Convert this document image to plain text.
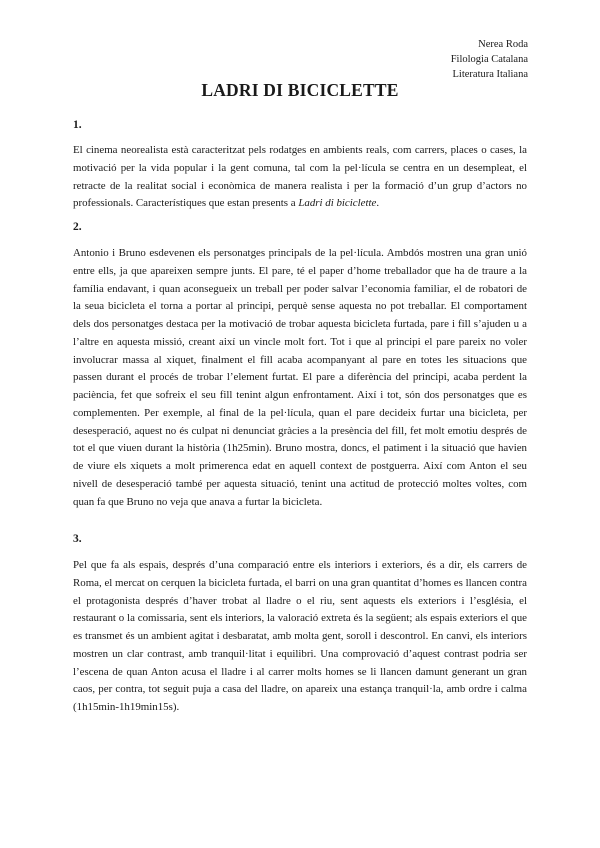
Nerea Roda
Filologia Catalana
Literatura Italiana
LADRI DI BICICLETTE
1.

El cinema neorealista està caracteritzat pels rodatges en ambients reals, com carrers, places o cases, la motivació per la vida popular i la gent comuna, tal com la pel·lícula se centra en un desempleat, el retracte de la realitat social i econòmica de manera realista i per la formació d’un grup d’actors no professionals. Característiques que estan presents a Ladri di biciclette.

2.

Antonio i Bruno esdevenen els personatges principals de la pel·lícula. Ambdós mostren una gran unió entre ells, ja que apareixen sempre junts. El pare, té el paper d’home treballador que ha de traure a la família endavant, i quan aconsegueix un treball per poder salvar l’economia familiar, el de robatori de la seua bicicleta el torna a portar al principi, perquè sense aquesta no pot treballar. El comportament dels dos personatges destaca per la motivació de trobar aquesta bicicleta furtada, pare i fill s’ajuden u a l’altre en aquesta missió, creant així un vincle molt fort. Tot i que al principi el pare pareix no voler involucrar massa al xiquet, finalment el fill acaba acompanyant al pare en totes les situacions que passen durant el procés de trobar l’element furtat. El pare a diferència del principi, acaba perdent la paciència, fet que sofreix el seu fill tenint algun enfrontament. Així i tot, són dos personatges que es complementen. Per exemple, al final de la pel·lícula, quan el pare decideix furtar una bicicleta, per desesperació, aquest no és culpat ni denunciat gràcies a la presència del fill, fet molt emotiu després de tot el que viuen durant la història (1h25min). Bruno mostra, doncs, el patiment i la situació que havien de viure els xiquets a molt primerenca edat en aquell context de postguerra. Així com Anton el seu nivell de desesperació també per aquesta situació, tenint una actitud de protecció moltes voltes, com quan fa que Bruno no veja que anava a furtar la bicicleta.

3.

Pel que fa als espais, després d’una comparació entre els interiors i exteriors, és a dir, els carrers de Roma, el mercat on cerquen la bicicleta furtada, el barri on una gran quantitat d’homes es llancen contra el protagonista després d’haver trobat al lladre o el riu, sent aquests els exteriors i l’església, el restaurant o la comissaria, sent els interiors, la valoració extreta és la següent; als espais exteriors el que es transmet és un ambient agitat i desbaratat, amb molta gent, soroll i descontrol. En canvi, els interiors mostren un clar contrast, amb tranquil·litat i equilibri. Una comprovació d’aquest contrast podria ser l’escena de quan Anton acusa el lladre i al carrer molts homes se li llancen damunt generant un gran caos, per contra, tot seguit puja a casa del lladre, on apareix una estança tranquil·la, amb ordre i calma (1h15min-1h19min15s).
